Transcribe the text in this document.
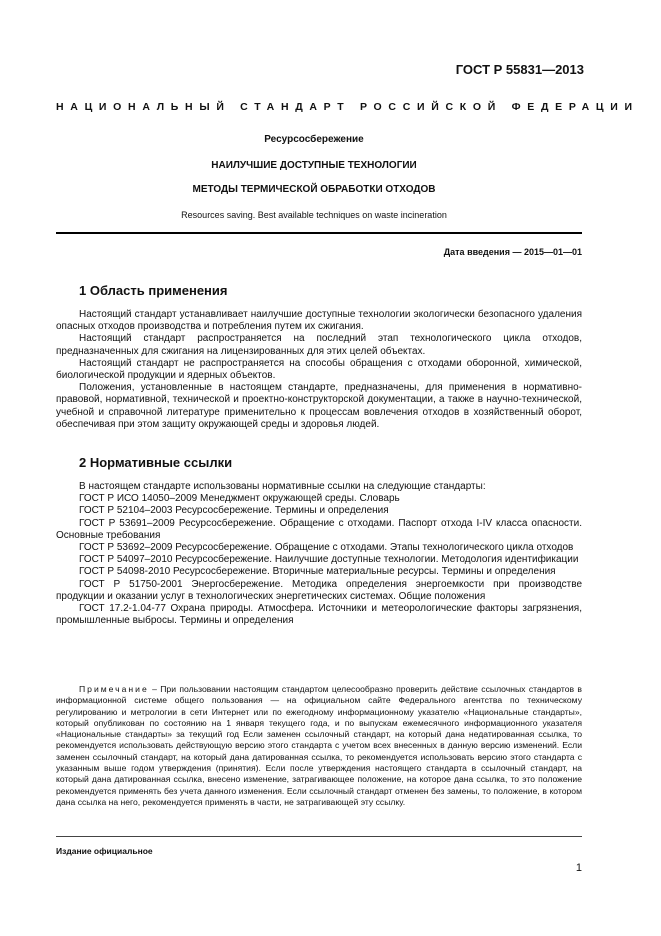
ГОСТ Р 55831—2013
НАЦИОНАЛЬНЫЙ СТАНДАРТ РОССИЙСКОЙ ФЕДЕРАЦИИ
Ресурсосбережение
НАИЛУЧШИЕ ДОСТУПНЫЕ ТЕХНОЛОГИИ
МЕТОДЫ ТЕРМИЧЕСКОЙ ОБРАБОТКИ ОТХОДОВ
Resources saving. Best available techniques on waste incineration
Дата введения — 2015—01—01
1 Область применения

Настоящий стандарт устанавливает наилучшие доступные технологии экологически безопасного удаления опасных отходов производства и потребления путем их сжигания.

Настоящий стандарт распространяется на последний этап технологического цикла отходов, предназначенных для сжигания на лицензированных для этих целей объектах.

Настоящий стандарт не распространяется на способы обращения с отходами оборонной, химической, биологической продукции и ядерных объектов.

Положения, установленные в настоящем стандарте, предназначены, для применения в нормативно-правовой, нормативной, технической и проектно-конструкторской документации, а также в научно-технической, учебной и справочной литературе применительно к процессам вовлечения отходов в хозяйственный оборот, обеспечивая при этом защиту окружающей среды и здоровья людей.

2 Нормативные ссылки

В настоящем стандарте использованы нормативные ссылки на следующие стандарты:

ГОСТ Р ИСО 14050–2009 Менеджмент окружающей среды. Словарь

ГОСТ Р 52104–2003 Ресурсосбережение. Термины и определения

ГОСТ Р 53691–2009 Ресурсосбережение. Обращение с отходами. Паспорт отхода I-IV класса опасности. Основные требования

ГОСТ Р 53692–2009 Ресурсосбережение. Обращение с отходами. Этапы технологического цикла отходов

ГОСТ Р 54097–2010 Ресурсосбережение. Наилучшие доступные технологии. Методология идентификации

ГОСТ Р 54098-2010 Ресурсосбережение. Вторичные материальные ресурсы. Термины и определения

ГОСТ Р 51750-2001 Энергосбережение. Методика определения энергоемкости при производстве продукции и оказании услуг в технологических энергетических системах. Общие положения

ГОСТ 17.2-1.04-77 Охрана природы. Атмосфера. Источники и метеорологические факторы загрязнения, промышленные выбросы. Термины и определения

Примечание – При пользовании настоящим стандартом целесообразно проверить действие ссылочных стандартов в информационной системе общего пользования — на официальном сайте Федерального агентства по техническому регулированию и метрологии в сети Интернет или по ежегодному информационному указателю «Национальные стандарты», который опубликован по состоянию на 1 января текущего года, и по выпускам ежемесячного информационного указателя «Национальные стандарты» за текущий год Если заменен ссылочный стандарт, на который дана недатированная ссылка, то рекомендуется использовать действующую версию этого стандарта с учетом всех внесенных в данную версию изменений. Если заменен ссылочный стандарт, на который дана датированная ссылка, то рекомендуется использовать версию этого стандарта с указанным выше годом утверждения (принятия). Если после утверждения настоящего стандарта в ссылочный стандарт, на который дана датированная ссылка, внесено изменение, затрагивающее положение, на которое дана ссылка, то это положение рекомендуется применять без учета данного изменения. Если ссылочный стандарт отменен без замены, то положение, в котором дана ссылка на него, рекомендуется применять в части, не затрагивающей эту ссылку.

Издание официальное
1
